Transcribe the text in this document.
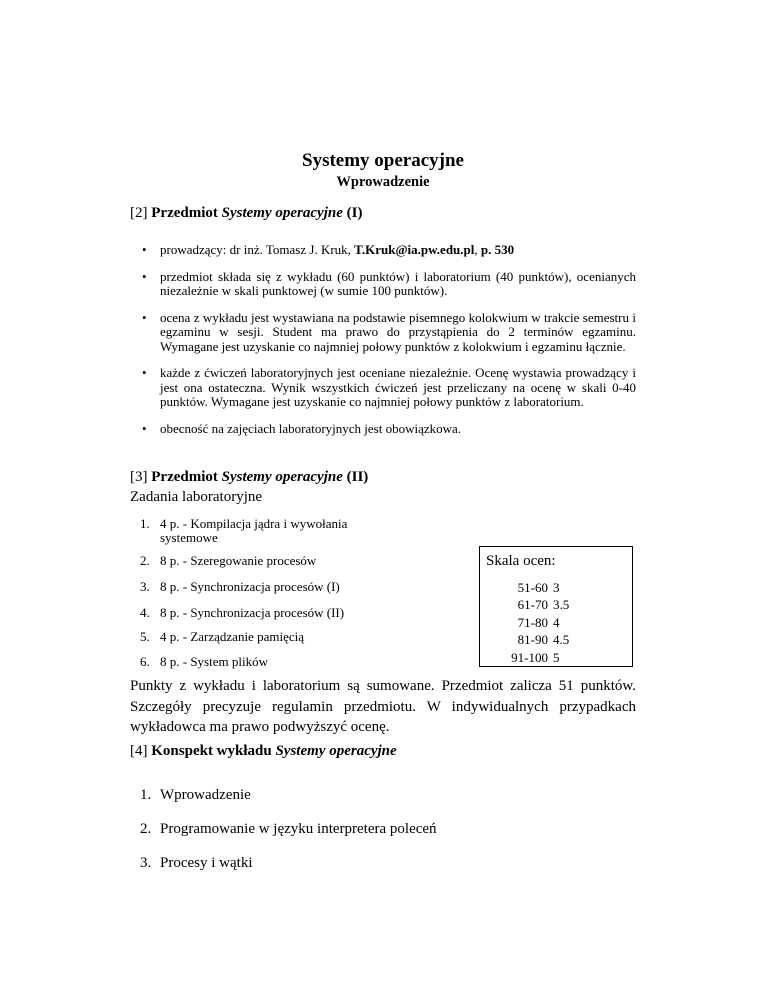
Systemy operacyjne
Wprowadzenie
[2] Przedmiot Systemy operacyjne (I)
• prowadzący: dr inż. Tomasz J. Kruk, T.Kruk@ia.pw.edu.pl, p. 530
• przedmiot składa się z wykładu (60 punktów) i laboratorium (40 punktów), ocenianych niezależnie w skali punktowej (w sumie 100 punktów).
• ocena z wykładu jest wystawiana na podstawie pisemnego kolokwium w trakcie semestru i egzaminu w sesji. Student ma prawo do przystąpienia do 2 terminów egzaminu. Wymagane jest uzyskanie co najmniej połowy punktów z kolokwium i egzaminu łącznie.
• każde z ćwiczeń laboratoryjnych jest oceniane niezależnie. Ocenę wystawia prowadzący i jest ona ostateczna. Wynik wszystkich ćwiczeń jest przeliczany na ocenę w skali 0-40 punktów. Wymagane jest uzyskanie co najmniej połowy punktów z laboratorium.
• obecność na zajęciach laboratoryjnych jest obowiązkowa.
[3] Przedmiot Systemy operacyjne (II)
Zadania laboratoryjne
1. 4 p. - Kompilacja jądra i wywołania systemowe
2. 8 p. - Szeregowanie procesów
3. 8 p. - Synchronizacja procesów (I)
4. 8 p. - Synchronizacja procesów (II)
5. 4 p. - Zarządzanie pamięcią
6. 8 p. - System plików
Skala ocen:
51-60	3
61-70	3.5
71-80	4
81-90	4.5
91-100	5
Punkty z wykładu i laboratorium są sumowane. Przedmiot zalicza 51 punktów. Szczegóły precyzuje regulamin przedmiotu. W indywidualnych przypadkach wykładowca ma prawo podwyższyć ocenę.
[4] Konspekt wykładu Systemy operacyjne
1. Wprowadzenie
2. Programowanie w języku interpretera poleceń
3. Procesy i wątki
